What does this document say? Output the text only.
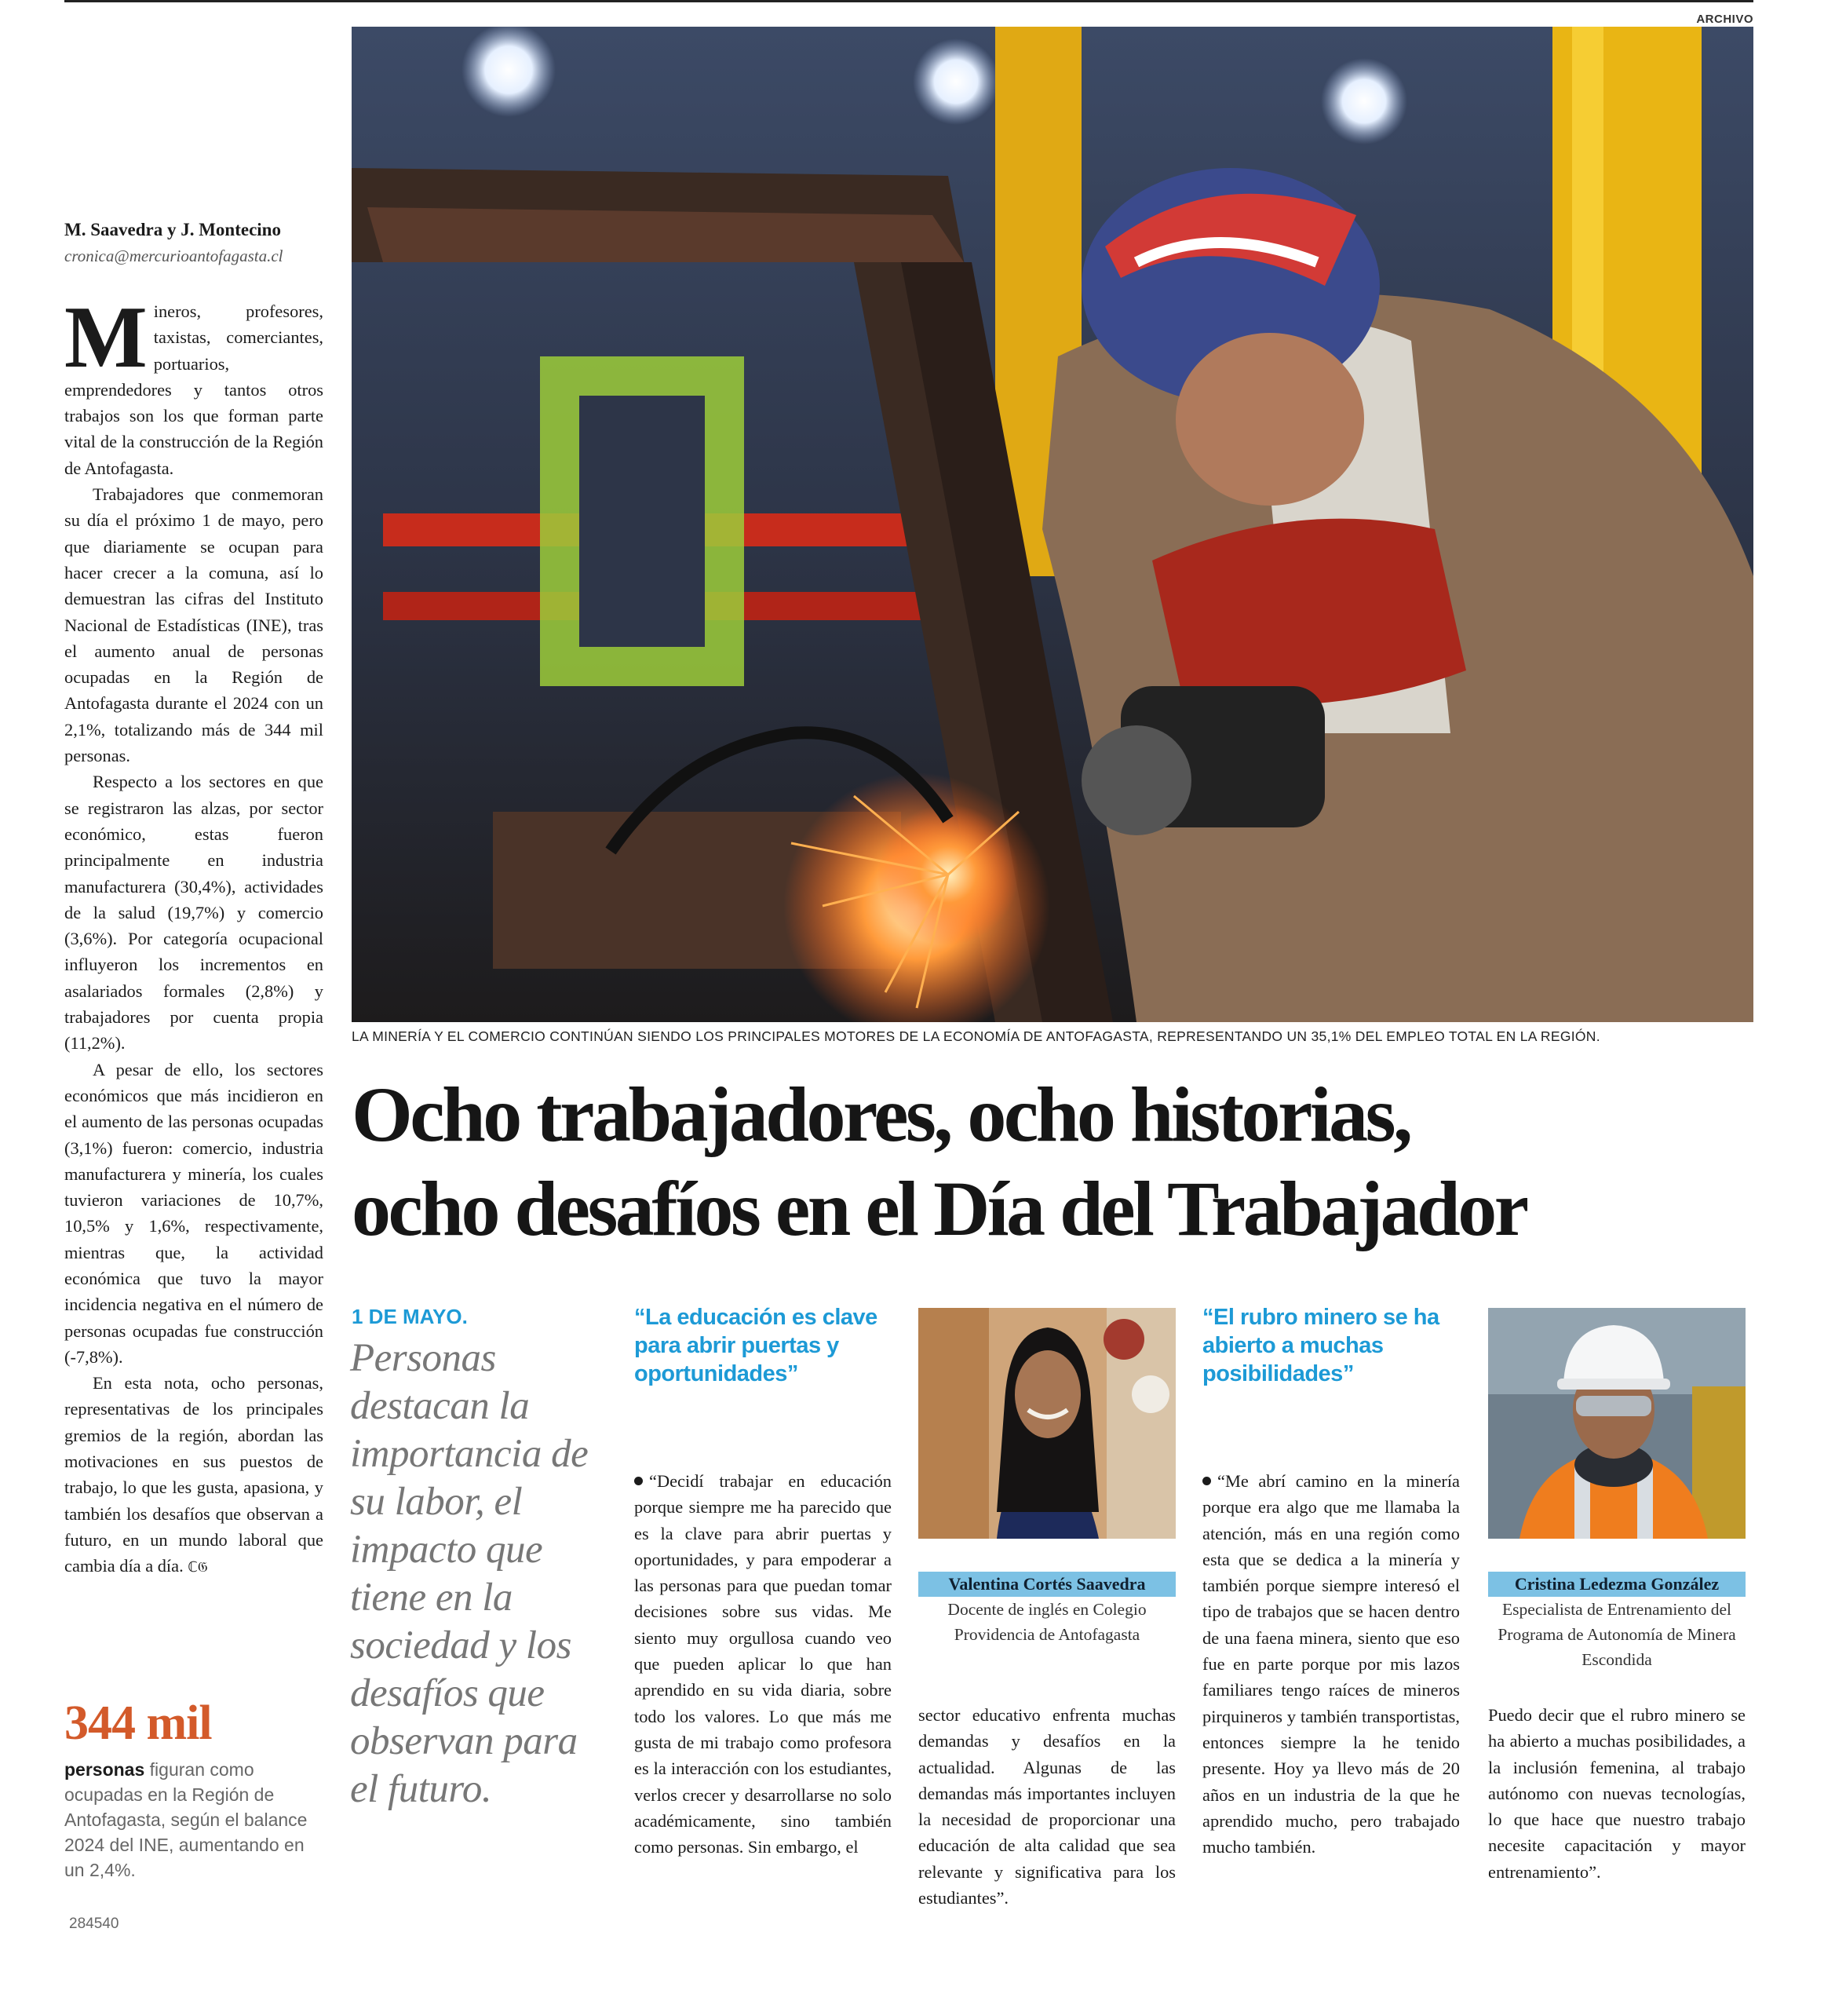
ARCHIVO
LA MINERÍA Y EL COMERCIO CONTINÚAN SIENDO LOS PRINCIPALES MOTORES DE LA ECONOMÍA DE ANTOFAGASTA, REPRESENTANDO UN 35,1% DEL EMPLEO TOTAL EN LA REGIÓN.
M. Saavedra y J. Montecino
cronica@mercurioantofagasta.cl

Mineros, profesores, taxistas, comerciantes, portuarios, emprendedores y tantos otros trabajos son los que forman parte vital de la construcción de la Región de Antofagasta.

Trabajadores que conmemoran su día el próximo 1 de mayo, pero que diariamente se ocupan para hacer crecer a la comuna, así lo demuestran las cifras del Instituto Nacional de Estadísticas (INE), tras el aumento anual de personas ocupadas en la Región de Antofagasta durante el 2024 con un 2,1%, totalizando más de 344 mil personas.

Respecto a los sectores en que se registraron las alzas, por sector económico, estas fueron principalmente en industria manufacturera (30,4%), actividades de la salud (19,7%) y comercio (3,6%). Por categoría ocupacional influyeron los incrementos en asalariados formales (2,8%) y trabajadores por cuenta propia (11,2%).

A pesar de ello, los sectores económicos que más incidieron en el aumento de las personas ocupadas (3,1%) fueron: comercio, industria manufacturera y minería, los cuales tuvieron variaciones de 10,7%, 10,5% y 1,6%, respectivamente, mientras que, la actividad económica que tuvo la mayor incidencia negativa en el número de personas ocupadas fue construcción (-7,8%).

En esta nota, ocho personas, representativas de los principales gremios de la región, abordan las motivaciones en sus puestos de trabajo, lo que les gusta, apasiona, y también los desafíos que observan a futuro, en un mundo laboral que cambia día a día. ℂ𝔊

344 mil
personas figuran como ocupadas en la Región de Antofagasta, según el balance 2024 del INE, aumentando en un 2,4%.
284540
Ocho trabajadores, ocho historias,
ocho desafíos en el Día del Trabajador
1 DE MAYO.
Personas destacan la importancia de su labor, el impacto que tiene en la sociedad y los desafíos que observan para el futuro.
“La educación es clave para abrir puertas y oportunidades”

“Decidí trabajar en educación porque siempre me ha parecido que es la clave para abrir puertas y oportunidades, y para empoderar a las personas para que puedan tomar decisiones sobre sus vidas. Me siento muy orgullosa cuando veo que pueden aplicar lo que han aprendido en su vida diaria, sobre todo los valores. Lo que más me gusta de mi trabajo como profesora es la interacción con los estudiantes, verlos crecer y desarrollarse no solo académicamente, sino también como personas. Sin embargo, el

Valentina Cortés Saavedra
Docente de inglés en Colegio Providencia de Antofagasta

sector educativo enfrenta muchas demandas y desafíos en la actualidad. Algunas de las demandas más importantes incluyen la necesidad de proporcionar una educación de alta calidad que sea relevante y significativa para los estudiantes”.

“El rubro minero se ha abierto a muchas posibilidades”

“Me abrí camino en la minería porque era algo que me llamaba la atención, más en una región como esta que se dedica a la minería y también porque siempre interesó el tipo de trabajos que se hacen dentro de una faena minera, siento que eso fue en parte porque por mis lazos familiares tengo raíces de mineros pirquineros y también transportistas, entonces siempre la he tenido presente. Hoy ya llevo más de 20 años en un industria de la que he aprendido mucho, pero trabajado mucho también.

Cristina Ledezma González
Especialista de Entrenamiento del Programa de Autonomía de Minera Escondida

Puedo decir que el rubro minero se ha abierto a muchas posibilidades, a la inclusión femenina, al trabajo autónomo con nuevas tecnologías, lo que hace que nuestro trabajo necesite capacitación y mayor entrenamiento”.
